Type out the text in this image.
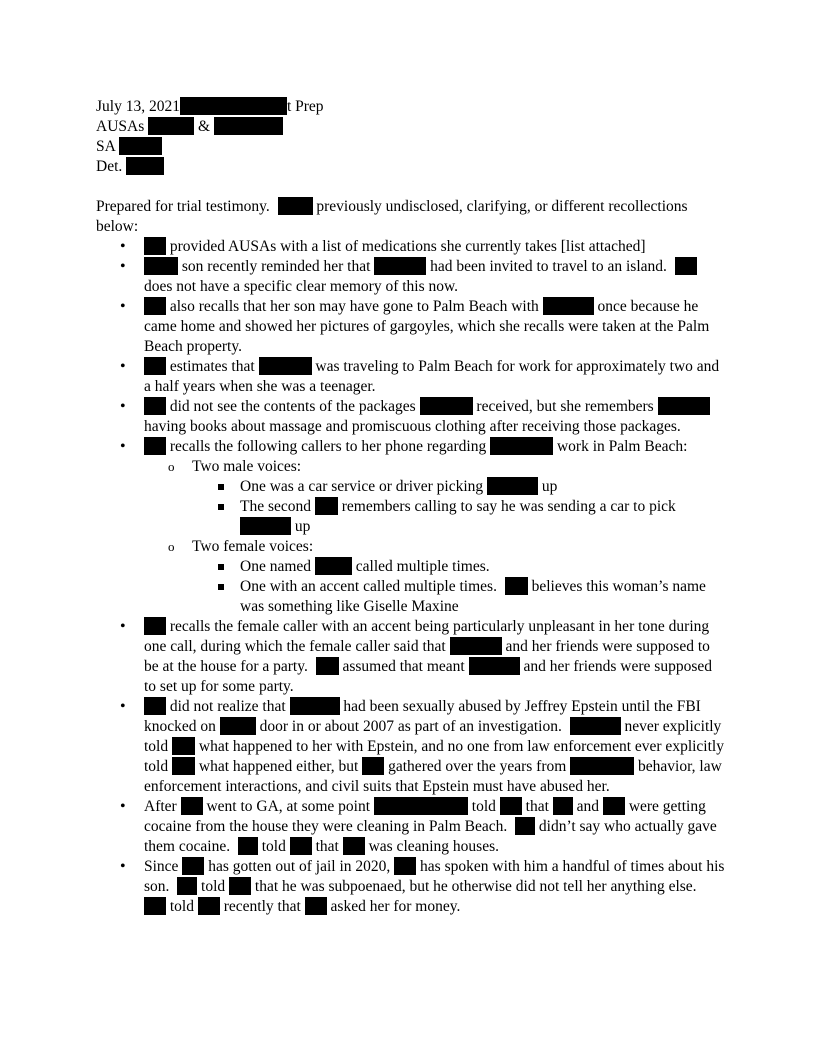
July 13, 2021	t Prep
AUSAs	&
SA
Det.
Prepared for trial testimony.	previously undisclosed, clarifying, or different recollections below:
• provided AUSAs with a list of medications she currently takes [list attached]
• son recently reminded her that	had been invited to travel to an island.   does not have a specific clear memory of this now.
• also recalls that her son may have gone to Palm Beach with	once because he came home and showed her pictures of gargoyles, which she recalls were taken at the Palm Beach property.
• estimates that	was traveling to Palm Beach for work for approximately two and a half years when she was a teenager.
• did not see the contents of the packages	received, but she remembers  having books about massage and promiscuous clothing after receiving those packages.
• recalls the following callers to her phone regarding	work in Palm Beach:
o Two male voices:
One was a car service or driver picking	up
The second remembers calling to say he was sending a car to pick  up
o Two female voices:
One named	called multiple times.
One with an accent called multiple times. believes this woman’s name was something like Giselle Maxine
• recalls the female caller with an accent being particularly unpleasant in her tone during one call, during which the female caller said that	and her friends were supposed to be at the house for a party. assumed that meant	and her friends were supposed to set up for some party.
• did not realize that	had been sexually abused by Jeffrey Epstein until the FBI knocked on	door in or about 2007 as part of an investigation.	never explicitly told what happened to her with Epstein, and no one from law enforcement ever explicitly told what happened either, but gathered over the years from	behavior, law enforcement interactions, and civil suits that Epstein must have abused her.
• After went to GA, at some point	told that and were getting cocaine from the house they were cleaning in Palm Beach. didn’t say who actually gave them cocaine. told that was cleaning houses.
• Since has gotten out of jail in 2020, has spoken with him a handful of times about his son. told that he was subpoenaed, but he otherwise did not tell her anything else.   told recently that asked her for money.
